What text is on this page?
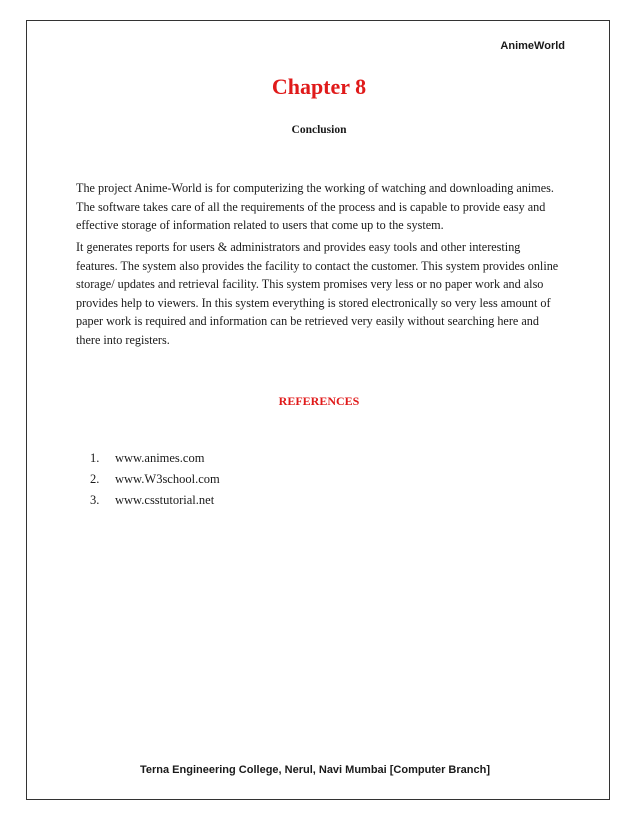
AnimeWorld
Chapter 8
Conclusion

The project Anime-World is for computerizing the working of watching and downloading animes. The software takes care of all the requirements of the process and is capable to provide easy and effective storage of information related to users that come up to the system.

It generates reports for users & administrators and provides easy tools and other interesting features. The system also provides the facility to contact the customer. This system provides online storage/ updates and retrieval facility. This system promises very less or no paper work and also provides help to viewers. In this system everything is stored electronically so very less amount of paper work is required and information can be retrieved very easily without searching here and there into registers.

REFERENCES
1. www.animes.com
2. www.W3school.com
3. www.csstutorial.net
Terna Engineering College, Nerul, Navi Mumbai [Computer Branch]
